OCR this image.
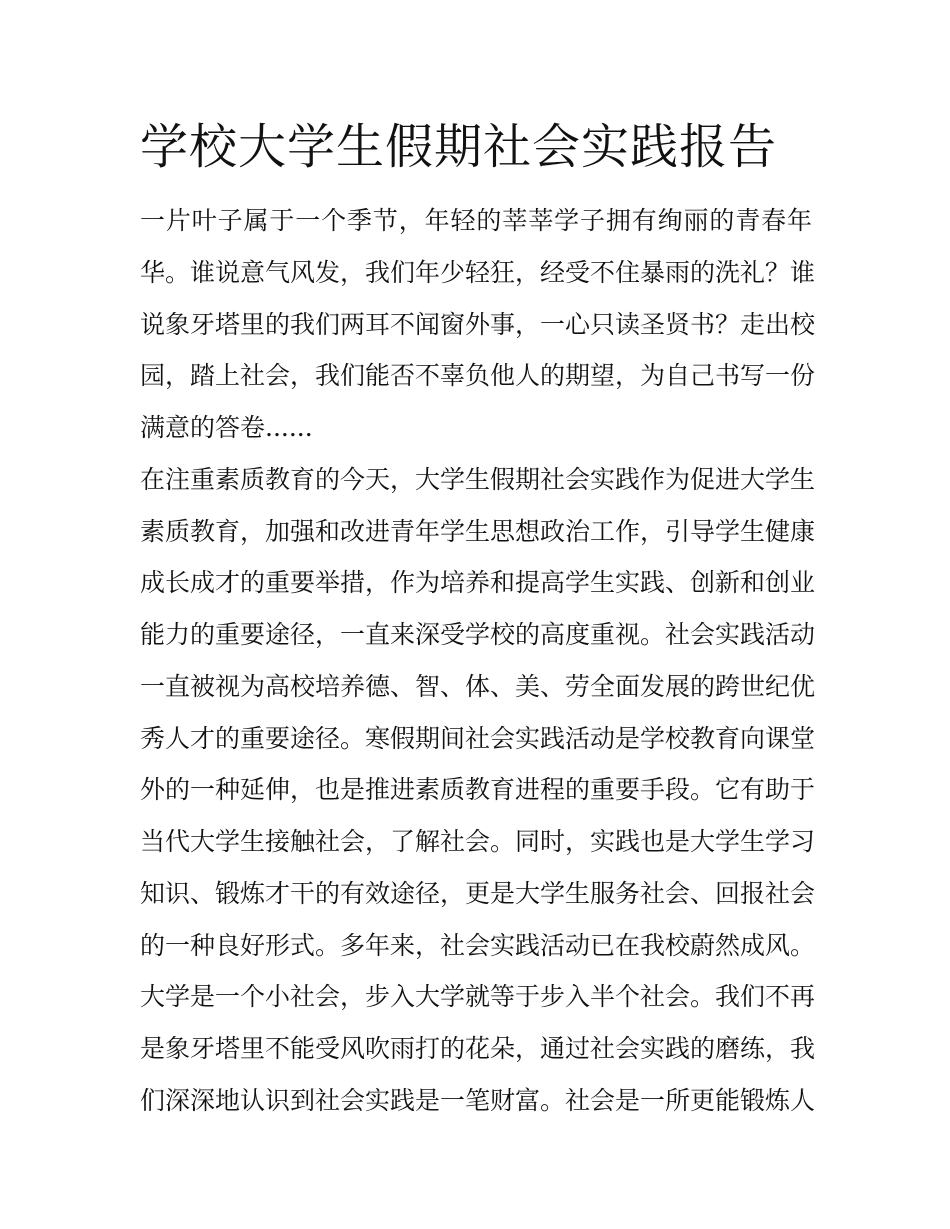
学校大学生假期社会实践报告
一片叶子属于一个季节，年轻的莘莘学子拥有绚丽的青春年
华。谁说意气风发，我们年少轻狂，经受不住暴雨的洗礼？谁
说象牙塔里的我们两耳不闻窗外事，一心只读圣贤书？走出校
园，踏上社会，我们能否不辜负他人的期望，为自己书写一份
满意的答卷......
在注重素质教育的今天，大学生假期社会实践作为促进大学生
素质教育，加强和改进青年学生思想政治工作，引导学生健康
成长成才的重要举措，作为培养和提高学生实践、创新和创业
能力的重要途径，一直来深受学校的高度重视。社会实践活动
一直被视为高校培养德、智、体、美、劳全面发展的跨世纪优
秀人才的重要途径。寒假期间社会实践活动是学校教育向课堂
外的一种延伸，也是推进素质教育进程的重要手段。它有助于
当代大学生接触社会，了解社会。同时，实践也是大学生学习
知识、锻炼才干的有效途径，更是大学生服务社会、回报社会
的一种良好形式。多年来，社会实践活动已在我校蔚然成风。
大学是一个小社会，步入大学就等于步入半个社会。我们不再
是象牙塔里不能受风吹雨打的花朵，通过社会实践的磨练，我
们深深地认识到社会实践是一笔财富。社会是一所更能锻炼人
